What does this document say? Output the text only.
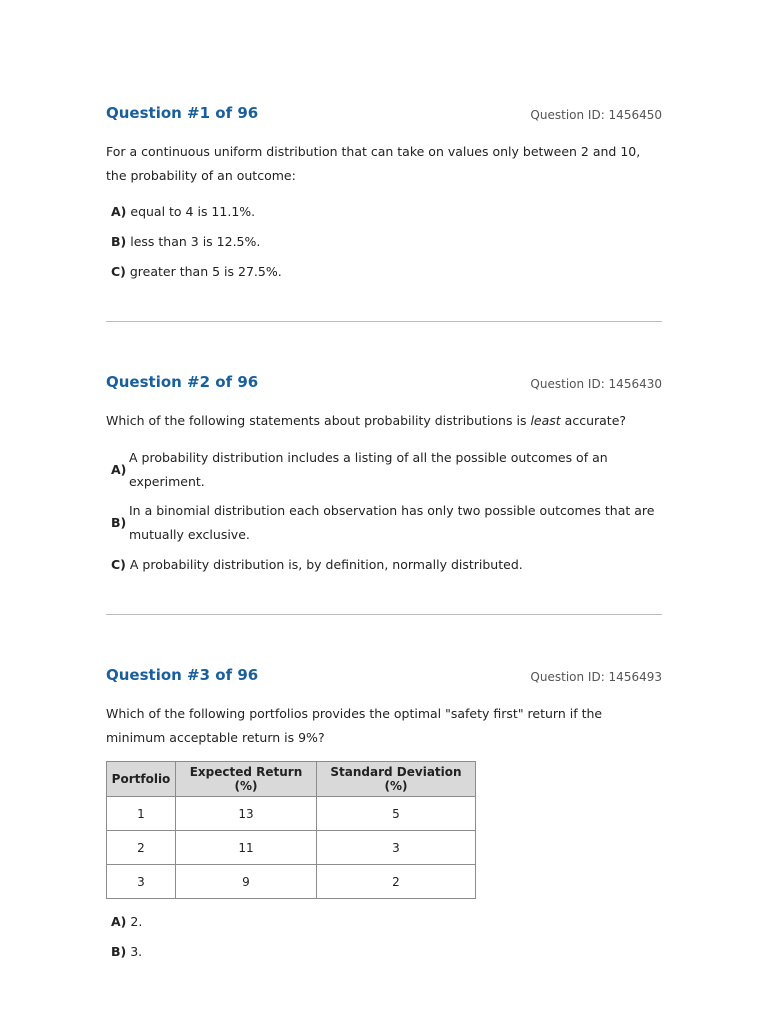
Question #1 of 96	Question ID: 1456450

For a continuous uniform distribution that can take on values only between 2 and 10, the probability of an outcome:

A) equal to 4 is 11.1%.
B) less than 3 is 12.5%.
C) greater than 5 is 27.5%.
Question #2 of 96	Question ID: 1456430

Which of the following statements about probability distributions is least accurate?

A)
A probability distribution includes a listing of all the possible outcomes of an experiment.
B)
In a binomial distribution each observation has only two possible outcomes that are mutually exclusive.
C) A probability distribution is, by definition, normally distributed.
Question #3 of 96	Question ID: 1456493

Which of the following portfolios provides the optimal "safety first" return if the minimum acceptable return is 9%?

Portfolio	Expected Return (%)	Standard Deviation (%)
1	13	5
2	11	3
3	9	2
A) 2.
B) 3.
